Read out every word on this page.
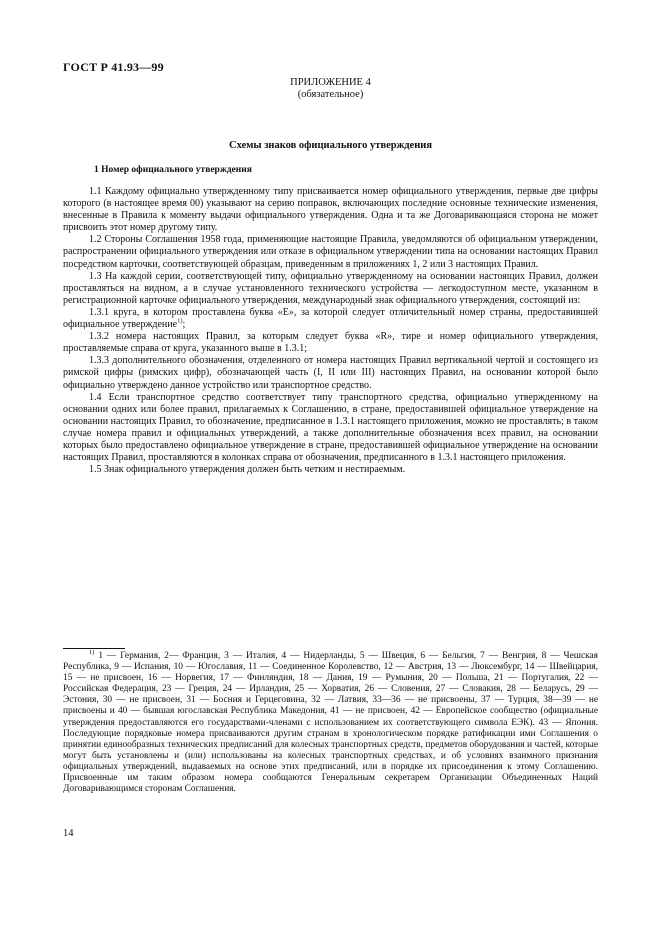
ГОСТ Р 41.93—99
ПРИЛОЖЕНИЕ 4
(обязательное)
Схемы знаков официального утверждения
1 Номер официального утверждения

1.1 Каждому официально утвержденному типу присваивается номер официального утверждения, первые две цифры которого (в настоящее время 00) указывают на серию поправок, включающих последние основные технические изменения, внесенные в Правила к моменту выдачи официального утверждения. Одна и та же Договаривающаяся сторона не может присвоить этот номер другому типу.

1.2 Стороны Соглашения 1958 года, применяющие настоящие Правила, уведомляются об официальном утверждении, распространении официального утверждения или отказе в официальном утверждении типа на основании настоящих Правил посредством карточки, соответствующей образцам, приведенным в приложениях 1, 2 или 3 настоящих Правил.

1.3 На каждой серии, соответствующей типу, официально утвержденному на основании настоящих Правил, должен проставляться на видном, а в случае установленного технического устройства — легкодоступном месте, указанном в регистрационной карточке официального утверждения, международный знак официального утверждения, состоящий из:

1.3.1 круга, в котором проставлена буква «Е», за которой следует отличительный номер страны, предоставившей официальное утверждение$^{1)}$;

1.3.2 номера настоящих Правил, за которым следует буква «R», тире и номер официального утверждения, проставляемые справа от круга, указанного выше в 1.3.1;

1.3.3 дополнительного обозначения, отделенного от номера настоящих Правил вертикальной чертой и состоящего из римской цифры (римских цифр), обозначающей часть (I, II или III) настоящих Правил, на основании которой было официально утверждено данное устройство или транспортное средство.

1.4 Если транспортное средство соответствует типу транспортного средства, официально утвержденному на основании одних или более правил, прилагаемых к Соглашению, в стране, предоставившей официальное утверждение на основании настоящих Правил, то обозначение, предписанное в 1.3.1 настоящего приложения, можно не проставлять; в таком случае номера правил и официальных утверждений, а также дополнительные обозначения всех правил, на основании которых было предоставлено официальное утверждение в стране, предоставившей официальное утверждение на основании настоящих Правил, проставляются в колонках справа от обозначения, предписанного в 1.3.1 настоящего приложения.

1.5 Знак официального утверждения должен быть четким и нестираемым.

$^{1)}$ 1 — Германия, 2— Франция, 3 — Италия, 4 — Нидерланды, 5 — Швеция, 6 — Бельгия, 7 — Венгрия, 8 — Чешская Республика, 9 — Испания, 10 — Югославия, 11 — Соединенное Королевство, 12 — Австрия, 13 — Люксембург, 14 — Швейцария, 15 — не присвоен, 16 — Норвегия, 17 — Финляндия, 18 — Дания, 19 — Румыния, 20 — Польша, 21 — Португалия, 22 — Российская Федерация, 23 — Греция, 24 — Ирландия, 25 — Хорватия, 26 — Словения, 27 — Словакия, 28 — Беларусь, 29 — Эстония, 30 — не присвоен, 31 — Босния и Герцеговина, 32 — Латвия, 33—36 — не присвоены, 37 — Турция, 38—39 — не присвоены и 40 — бывшая югославская Республика Македония, 41 — не присвоен, 42 — Европейское сообщество (официальные утверждения предоставляются его государствами-членами с использованием их соответствующего символа ЕЭК). 43 — Япония. Последующие порядковые номера присваиваются другим странам в хронологическом порядке ратификации ими Соглашения о принятии единообразных технических предписаний для колесных транспортных средств, предметов оборудования и частей, которые могут быть установлены и (или) использованы на колесных транспортных средствах, и об условиях взаимного признания официальных утверждений, выдаваемых на основе этих предписаний, или в порядке их присоединения к этому Соглашению. Присвоенные им таким образом номера сообщаются Генеральным секретарем Организации Объединенных Наций Договаривающимся сторонам Соглашения.

14
